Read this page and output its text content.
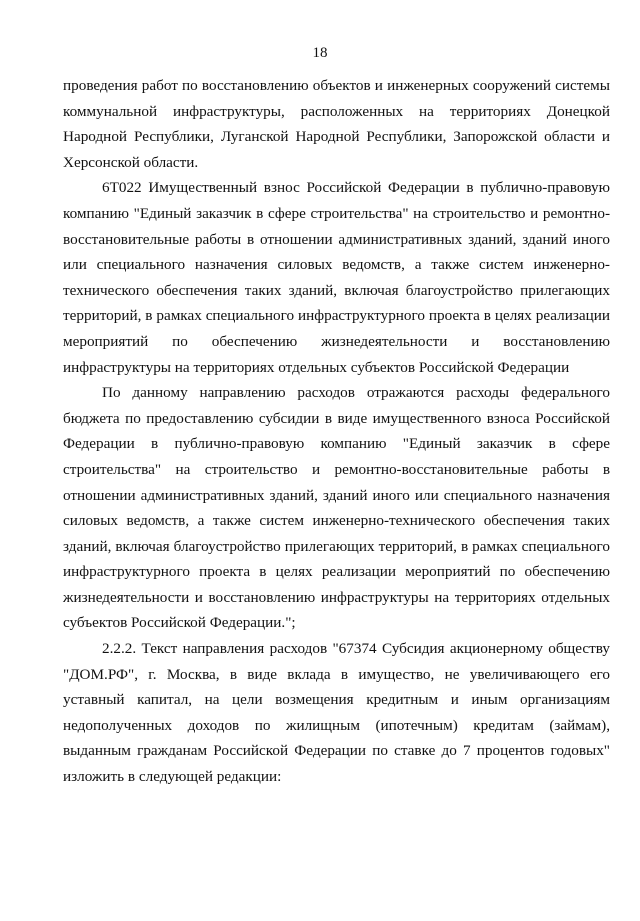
18

проведения работ по восстановлению объектов и инженерных сооружений системы коммунальной инфраструктуры, расположенных на территориях Донецкой Народной Республики, Луганской Народной Республики, Запорожской области и Херсонской области.

6Т022 Имущественный взнос Российской Федерации в публично-правовую компанию "Единый заказчик в сфере строительства" на строительство и ремонтно-восстановительные работы в отношении административных зданий, зданий иного или специального назначения силовых ведомств, а также систем инженерно-технического обеспечения таких зданий, включая благоустройство прилегающих территорий, в рамках специального инфраструктурного проекта в целях реализации мероприятий по обеспечению жизнедеятельности и восстановлению инфраструктуры на территориях отдельных субъектов Российской Федерации

По данному направлению расходов отражаются расходы федерального бюджета по предоставлению субсидии в виде имущественного взноса Российской Федерации в публично-правовую компанию "Единый заказчик в сфере строительства" на строительство и ремонтно-восстановительные работы в отношении административных зданий, зданий иного или специального назначения силовых ведомств, а также систем инженерно-технического обеспечения таких зданий, включая благоустройство прилегающих территорий, в рамках специального инфраструктурного проекта в целях реализации мероприятий по обеспечению жизнедеятельности и восстановлению инфраструктуры на территориях отдельных субъектов Российской Федерации.";

2.2.2. Текст направления расходов "67374 Субсидия акционерному обществу "ДОМ.РФ", г. Москва, в виде вклада в имущество, не увеличивающего его уставный капитал, на цели возмещения кредитным и иным организациям недополученных доходов по жилищным (ипотечным) кредитам (займам), выданным гражданам Российской Федерации по ставке до 7 процентов годовых" изложить в следующей редакции:
